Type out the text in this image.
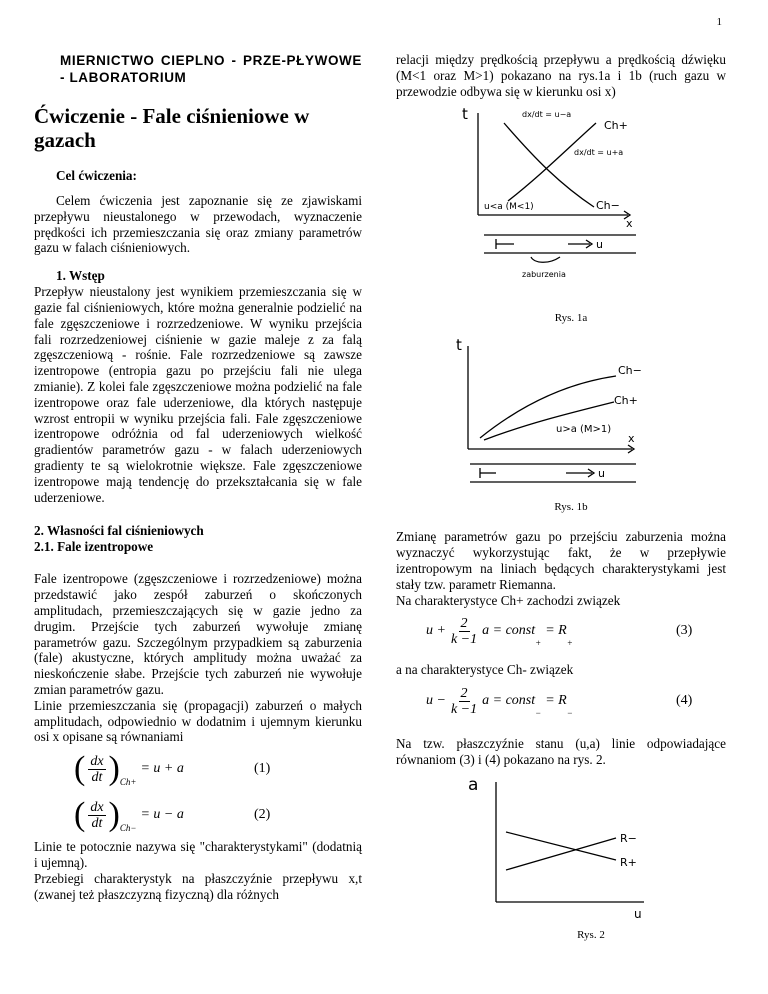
1

MIERNICTWO CIEPLNO - PRZE-PŁYWOWE - LABORATORIUM

Ćwiczenie - Fale ciśnieniowe w gazach

Cel ćwiczenia:

Celem ćwiczenia jest zapoznanie się ze zjawiskami przepływu nieustalonego w przewodach, wyznaczenie prędkości ich przemieszczania się oraz zmiany parametrów gazu w falach ciśnieniowych.

1. Wstęp

Przepływ nieustalony jest wynikiem przemieszczania się w gazie fal ciśnieniowych, które można generalnie podzielić na fale zgęszczeniowe i rozrzedzeniowe. W wyniku przejścia fali rozrzedzeniowej ciśnienie w gazie maleje z za falą zgęszczeniową - rośnie. Fale rozrzedzeniowe są zawsze izentropowe (entropia gazu po przejściu fali nie ulega zmianie). Z kolei fale zgęszczeniowe można podzielić na fale izentropowe oraz fale uderzeniowe, dla których następuje wzrost entropii w wyniku przejścia fali. Fale zgęszczeniowe izentropowe odróżnia od fal uderzeniowych wielkość gradientów parametrów gazu - w falach uderzeniowych gradienty te są wielokrotnie większe. Fale zgęszczeniowe izentropowe mają tendencję do przekształcania się w fale uderzeniowe.

2. Własności fal ciśnieniowych

2.1. Fale izentropowe

Fale izentropowe (zgęszczeniowe i rozrzedzeniowe) można przedstawić jako zespół zaburzeń o skończonych amplitudach, przemieszczających się w gazie jedno za drugim. Przejście tych zaburzeń wywołuje zmianę parametrów gazu. Szczególnym przypadkiem są zaburzenia (fale) akustyczne, których amplitudy można uważać za nieskończenie słabe. Przejście tych zaburzeń nie wywołuje zmian parametrów gazu.

Linie przemieszczania się (propagacji) zaburzeń o małych amplitudach, odpowiednio w dodatnim i ujemnym kierunku osi x opisane są równaniami

( $\frac{dx}{dt}$ ) Ch+
= u + a	(1)
( $\frac{dx}{dt}$ ) Ch−
= u − a	(2)

Linie te potocznie nazywa się "charakterystykami" (dodatnią i ujemną).

Przebiegi charakterystyk na płaszczyźnie przepływu x,t (zwanej też płaszczyzną fizyczną) dla różnych

relacji między prędkością przepływu a prędkością dźwięku (M<1 oraz M>1) pokazano na rys.1a i 1b (ruch gazu w przewodzie odbywa się w kierunku osi x)

t
x
u
u<a (M<1)
Ch+
Ch−
dx/dt = u−a
dx/dt = u+a
zaburzenia

Rys. 1a

t
x
u
u>a (M>1)
Ch−
Ch+

Rys. 1b

Zmianę parametrów gazu po przejściu zaburzenia można wyznaczyć wykorzystując fakt, że w przepływie izentropowym na liniach będących charakterystykami jest stały tzw. parametr Riemanna.

Na charakterystyce Ch+ zachodzi związek

$u + \frac{2}{k -1}$ a = const
+
= R
+
(3)

a na charakterystyce Ch- związek

$u - \frac{2}{k -1}$ a = const
−
= R
−
(4)

Na tzw. płaszczyźnie stanu (u,a) linie odpowiadające równaniom (3) i (4) pokazano na rys. 2.

a
u
R−
R+

Rys. 2
